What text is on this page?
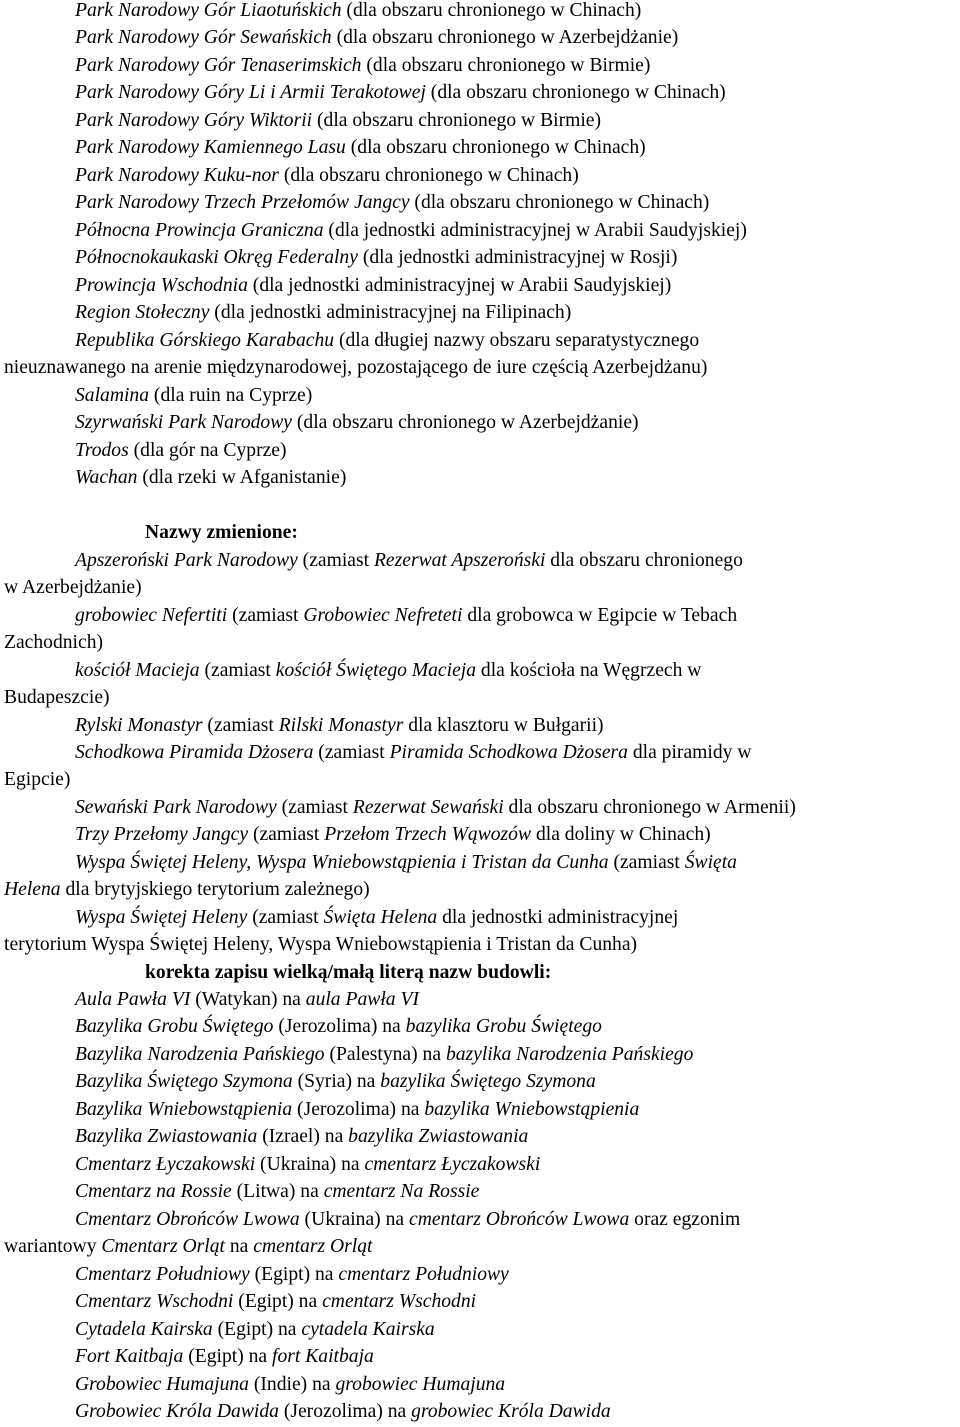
Park Narodowy Gór Liaotuńskich (dla obszaru chronionego w Chinach)
Park Narodowy Gór Sewańskich (dla obszaru chronionego w Azerbejdżanie)
Park Narodowy Gór Tenaserimskich (dla obszaru chronionego w Birmie)
Park Narodowy Góry Li i Armii Terakotowej (dla obszaru chronionego w Chinach)
Park Narodowy Góry Wiktorii (dla obszaru chronionego w Birmie)
Park Narodowy Kamiennego Lasu (dla obszaru chronionego w Chinach)
Park Narodowy Kuku-nor (dla obszaru chronionego w Chinach)
Park Narodowy Trzech Przełomów Jangcy (dla obszaru chronionego w Chinach)
Północna Prowincja Graniczna (dla jednostki administracyjnej w Arabii Saudyjskiej)
Północnokaukaski Okręg Federalny (dla jednostki administracyjnej w Rosji)
Prowincja Wschodnia (dla jednostki administracyjnej w Arabii Saudyjskiej)
Region Stołeczny (dla jednostki administracyjnej na Filipinach)
Republika Górskiego Karabachu (dla długiej nazwy obszaru separatystycznego
nieuznawanego na arenie międzynarodowej, pozostającego de iure częścią Azerbejdżanu)
Salamina (dla ruin na Cyprze)
Szyrwański Park Narodowy (dla obszaru chronionego w Azerbejdżanie)
Trodos (dla gór na Cyprze)
Wachan (dla rzeki w Afganistanie)
Nazwy zmienione:
Apszeroński Park Narodowy (zamiast Rezerwat Apszeroński dla obszaru chronionego
w Azerbejdżanie)
grobowiec Nefertiti (zamiast Grobowiec Nefreteti dla grobowca w Egipcie w Tebach
Zachodnich)
kościół Macieja (zamiast kościół Świętego Macieja dla kościoła na Węgrzech w
Budapeszcie)
Rylski Monastyr (zamiast Rilski Monastyr dla klasztoru w Bułgarii)
Schodkowa Piramida Dżosera (zamiast Piramida Schodkowa Dżosera dla piramidy w
Egipcie)
Sewański Park Narodowy (zamiast Rezerwat Sewański dla obszaru chronionego w Armenii)
Trzy Przełomy Jangcy (zamiast Przełom Trzech Wąwozów dla doliny w Chinach)
Wyspa Świętej Heleny, Wyspa Wniebowstąpienia i Tristan da Cunha (zamiast Święta
Helena dla brytyjskiego terytorium zależnego)
Wyspa Świętej Heleny (zamiast Święta Helena dla jednostki administracyjnej
terytorium Wyspa Świętej Heleny, Wyspa Wniebowstąpienia i Tristan da Cunha)
korekta zapisu wielką/małą literą nazw budowli:
Aula Pawła VI (Watykan) na aula Pawła VI
Bazylika Grobu Świętego (Jerozolima) na bazylika Grobu Świętego
Bazylika Narodzenia Pańskiego (Palestyna) na bazylika Narodzenia Pańskiego
Bazylika Świętego Szymona (Syria) na bazylika Świętego Szymona
Bazylika Wniebowstąpienia (Jerozolima) na bazylika Wniebowstąpienia
Bazylika Zwiastowania (Izrael) na bazylika Zwiastowania
Cmentarz Łyczakowski (Ukraina) na cmentarz Łyczakowski
Cmentarz na Rossie (Litwa) na cmentarz Na Rossie
Cmentarz Obrońców Lwowa (Ukraina) na cmentarz Obrońców Lwowa oraz egzonim
wariantowy Cmentarz Orląt na cmentarz Orląt
Cmentarz Południowy (Egipt) na cmentarz Południowy
Cmentarz Wschodni (Egipt) na cmentarz Wschodni
Cytadela Kairska (Egipt) na cytadela Kairska
Fort Kaitbaja (Egipt) na fort Kaitbaja
Grobowiec Humajuna (Indie) na grobowiec Humajuna
Grobowiec Króla Dawida (Jerozolima) na grobowiec Króla Dawida
